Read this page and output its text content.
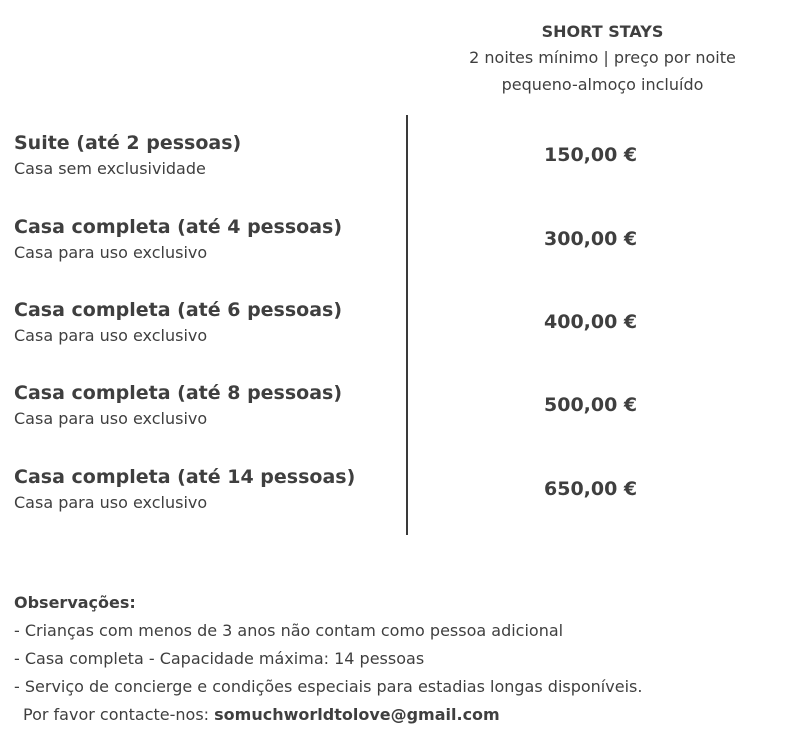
SHORT STAYS
2 noites mínimo | preço por noite
pequeno-almoço incluído
Suite (até 2 pessoas)
Casa sem exclusividade
150,00 €
Casa completa (até 4 pessoas)
Casa para uso exclusivo
300,00 €
Casa completa (até 6 pessoas)
Casa para uso exclusivo
400,00 €
Casa completa (até 8 pessoas)
Casa para uso exclusivo
500,00 €
Casa completa (até 14 pessoas)
Casa para uso exclusivo
650,00 €
Observações:
- Crianças com menos de 3 anos não contam como pessoa adicional
- Casa completa - Capacidade máxima: 14 pessoas
- Serviço de concierge e condições especiais para estadias longas disponíveis.
Por favor contacte-nos: somuchworldtolove@gmail.com
